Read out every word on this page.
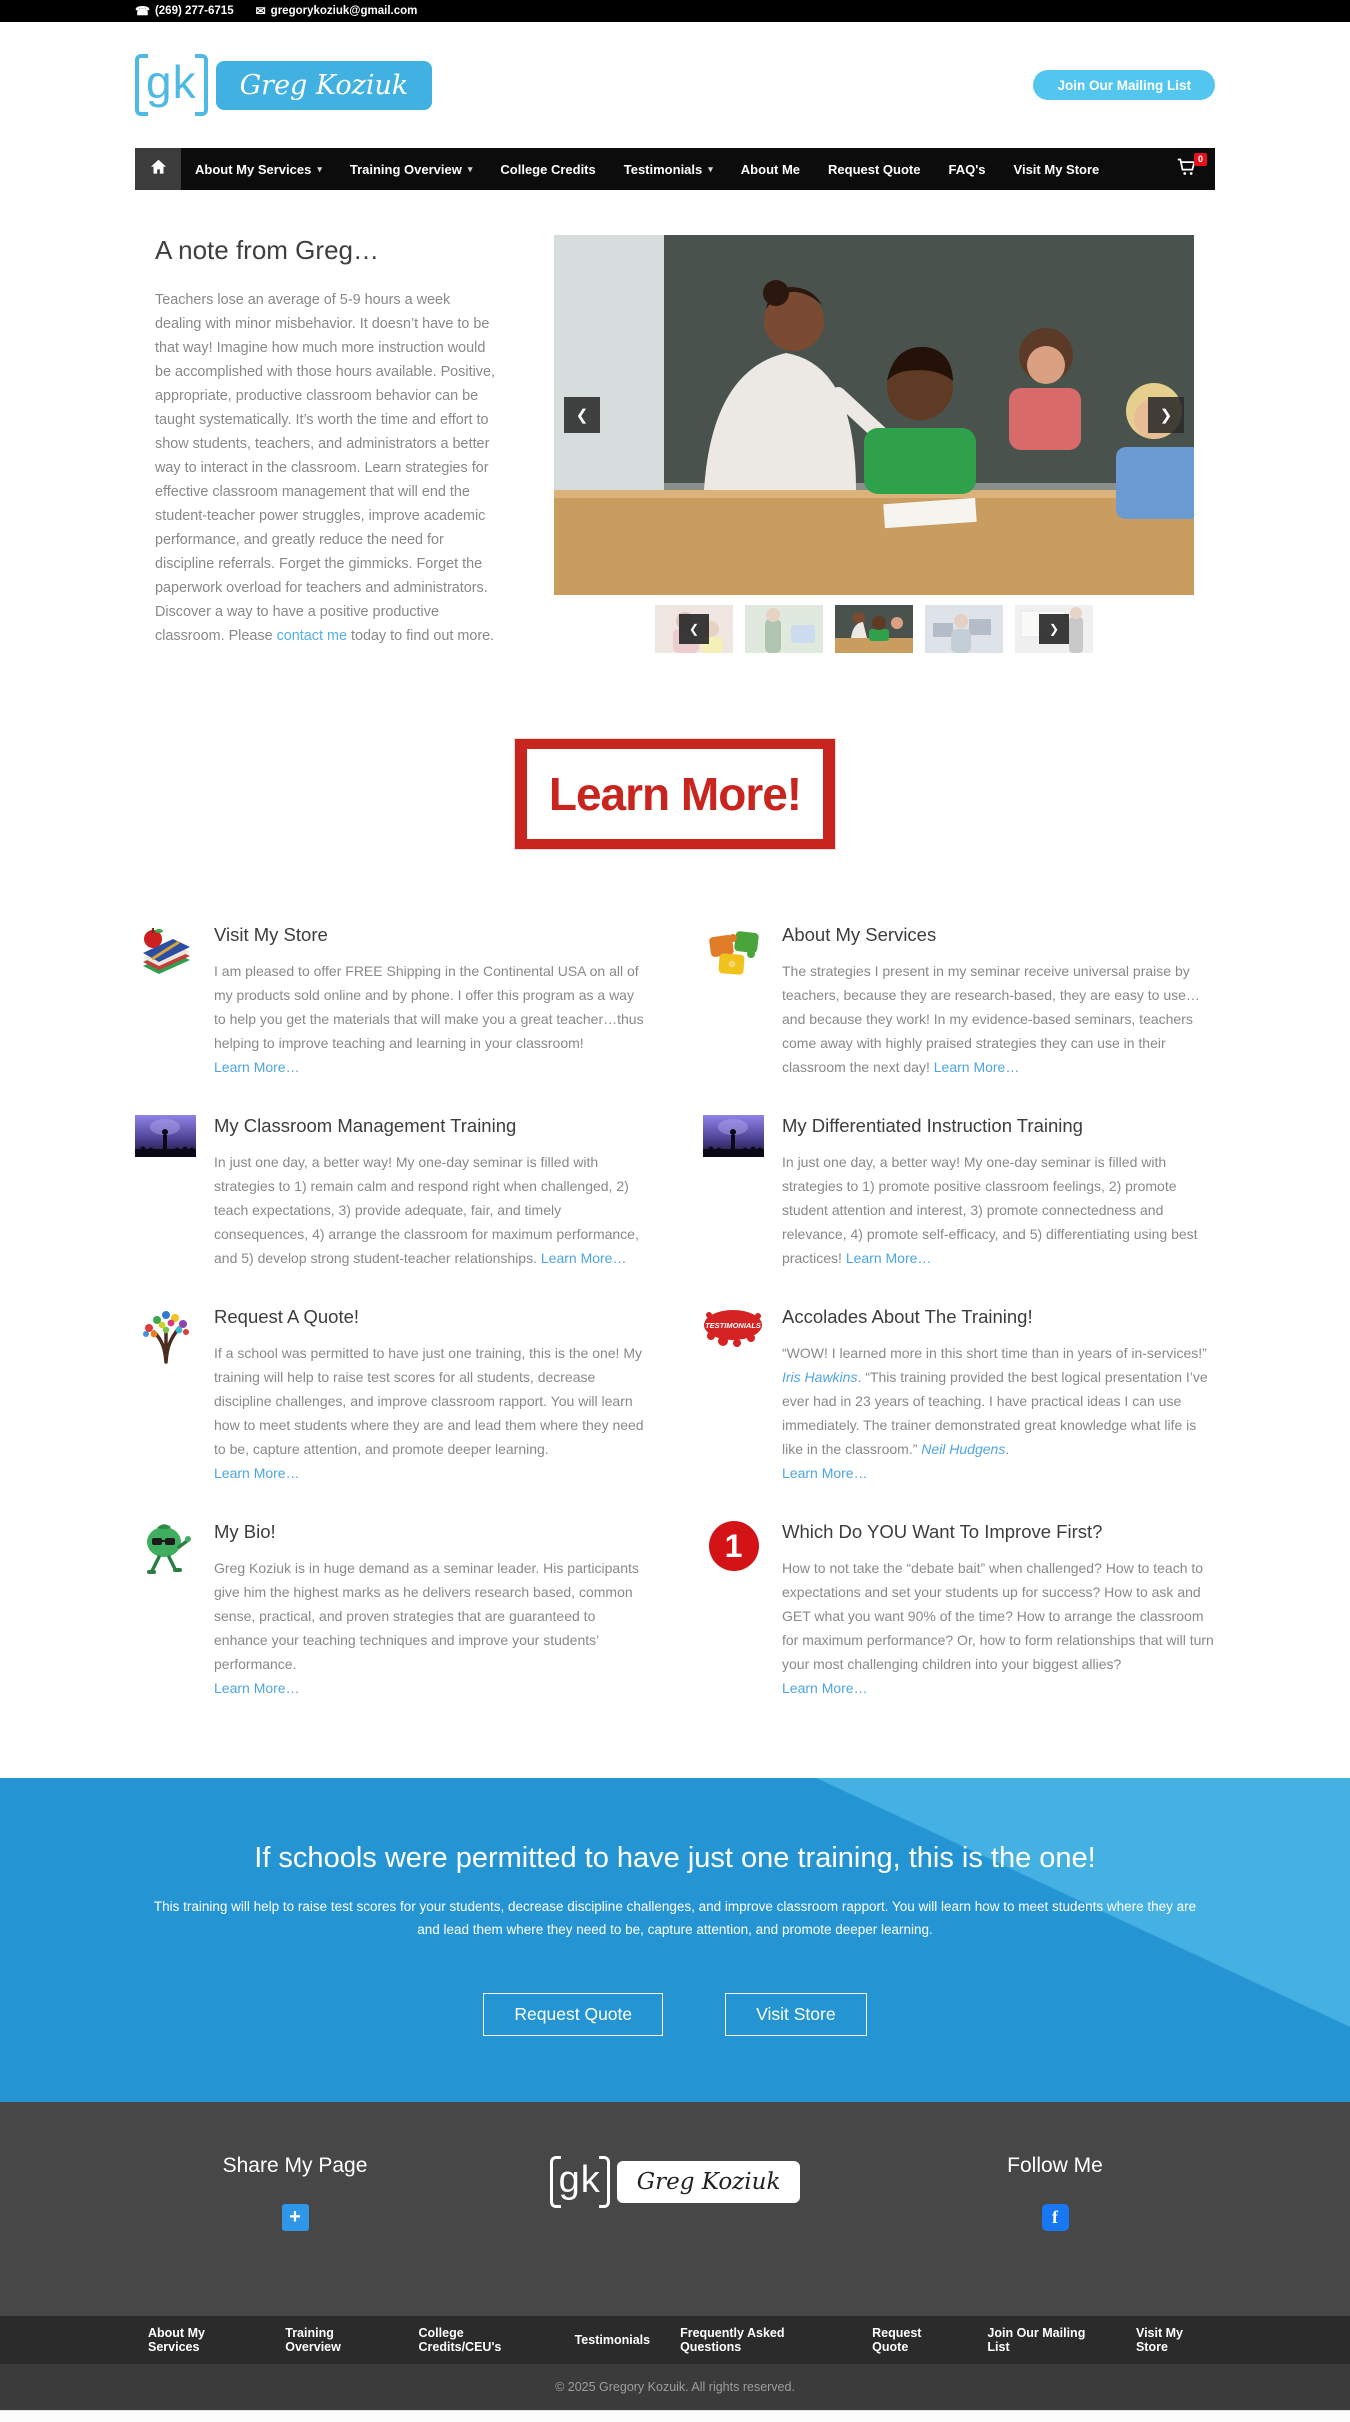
☎ (269) 277-6715 ✉ gregorykoziuk@gmail.com
gk	Greg Koziuk	Join Our Mailing List
About My Services ▾ Training Overview ▾ College Credits Testimonials ▾ About Me Request Quote FAQ's Visit My Store
0
A note from Greg…

Teachers lose an average of 5-9 hours a week dealing with minor misbehavior. It doesn’t have to be that way! Imagine how much more instruction would be accomplished with those hours available. Positive, appropriate, productive classroom behavior can be taught systematically. It’s worth the time and effort to show students, teachers, and administrators a better way to interact in the classroom. Learn strategies for effective classroom management that will end the student-teacher power struggles, improve academic performance, and greatly reduce the need for discipline referrals. Forget the gimmicks. Forget the paperwork overload for teachers and administrators. Discover a way to have a positive productive classroom. Please contact me today to find out more.

❮	❯
❮	❯
Learn More!
Visit My Store

I am pleased to offer FREE Shipping in the Continental USA on all of my products sold online and by phone. I offer this program as a way to help you get the materials that will make you a great teacher…thus helping to improve teaching and learning in your classroom!
Learn More…

About My Services

The strategies I present in my seminar receive universal praise by teachers, because they are research-based, they are easy to use… and because they work! In my evidence-based seminars, teachers come away with highly praised strategies they can use in their classroom the next day! Learn More…

My Classroom Management Training

In just one day, a better way! My one-day seminar is filled with strategies to 1) remain calm and respond right when challenged, 2) teach expectations, 3) provide adequate, fair, and timely consequences, 4) arrange the classroom for maximum performance, and 5) develop strong student-teacher relationships. Learn More…

My Differentiated Instruction Training

In just one day, a better way! My one-day seminar is filled with strategies to 1) promote positive classroom feelings, 2) promote student attention and interest, 3) promote connectedness and relevance, 4) promote self-efficacy, and 5) differentiating using best practices! Learn More…

Request A Quote!

If a school was permitted to have just one training, this is the one! My training will help to raise test scores for all students, decrease discipline challenges, and improve classroom rapport. You will learn how to meet students where they are and lead them where they need to be, capture attention, and promote deeper learning.
Learn More…

TESTIMONIALS Accolades About The Training!

“WOW! I learned more in this short time than in years of in-services!” Iris Hawkins. “This training provided the best logical presentation I’ve ever had in 23 years of teaching. I have practical ideas I can use immediately. The trainer demonstrated great knowledge what life is like in the classroom.” Neil Hudgens.
Learn More…

My Bio!

Greg Koziuk is in huge demand as a seminar leader. His participants give him the highest marks as he delivers research based, common sense, practical, and proven strategies that are guaranteed to enhance your teaching techniques and improve your students’ performance.
Learn More…

1 Which Do YOU Want To Improve First?

How to not take the “debate bait” when challenged? How to teach to expectations and set your students up for success? How to ask and GET what you want 90% of the time? How to arrange the classroom for maximum performance? Or, how to form relationships that will turn your most challenging children into your biggest allies?
Learn More…

If schools were permitted to have just one training, this is the one!

This training will help to raise test scores for your students, decrease discipline challenges, and improve classroom rapport. You will learn how to meet students where they are and lead them where they need to be, capture attention, and promote deeper learning.

Request Quote	Visit Store
Share My Page
+
gk	Greg Koziuk
Follow Me
f
About My Services
Training Overview
College Credits/CEU's	Testimonials Frequently Asked Questions
Request Quote
Join Our Mailing List
Visit My Store
© 2025 Gregory Kozuik. All rights reserved.
